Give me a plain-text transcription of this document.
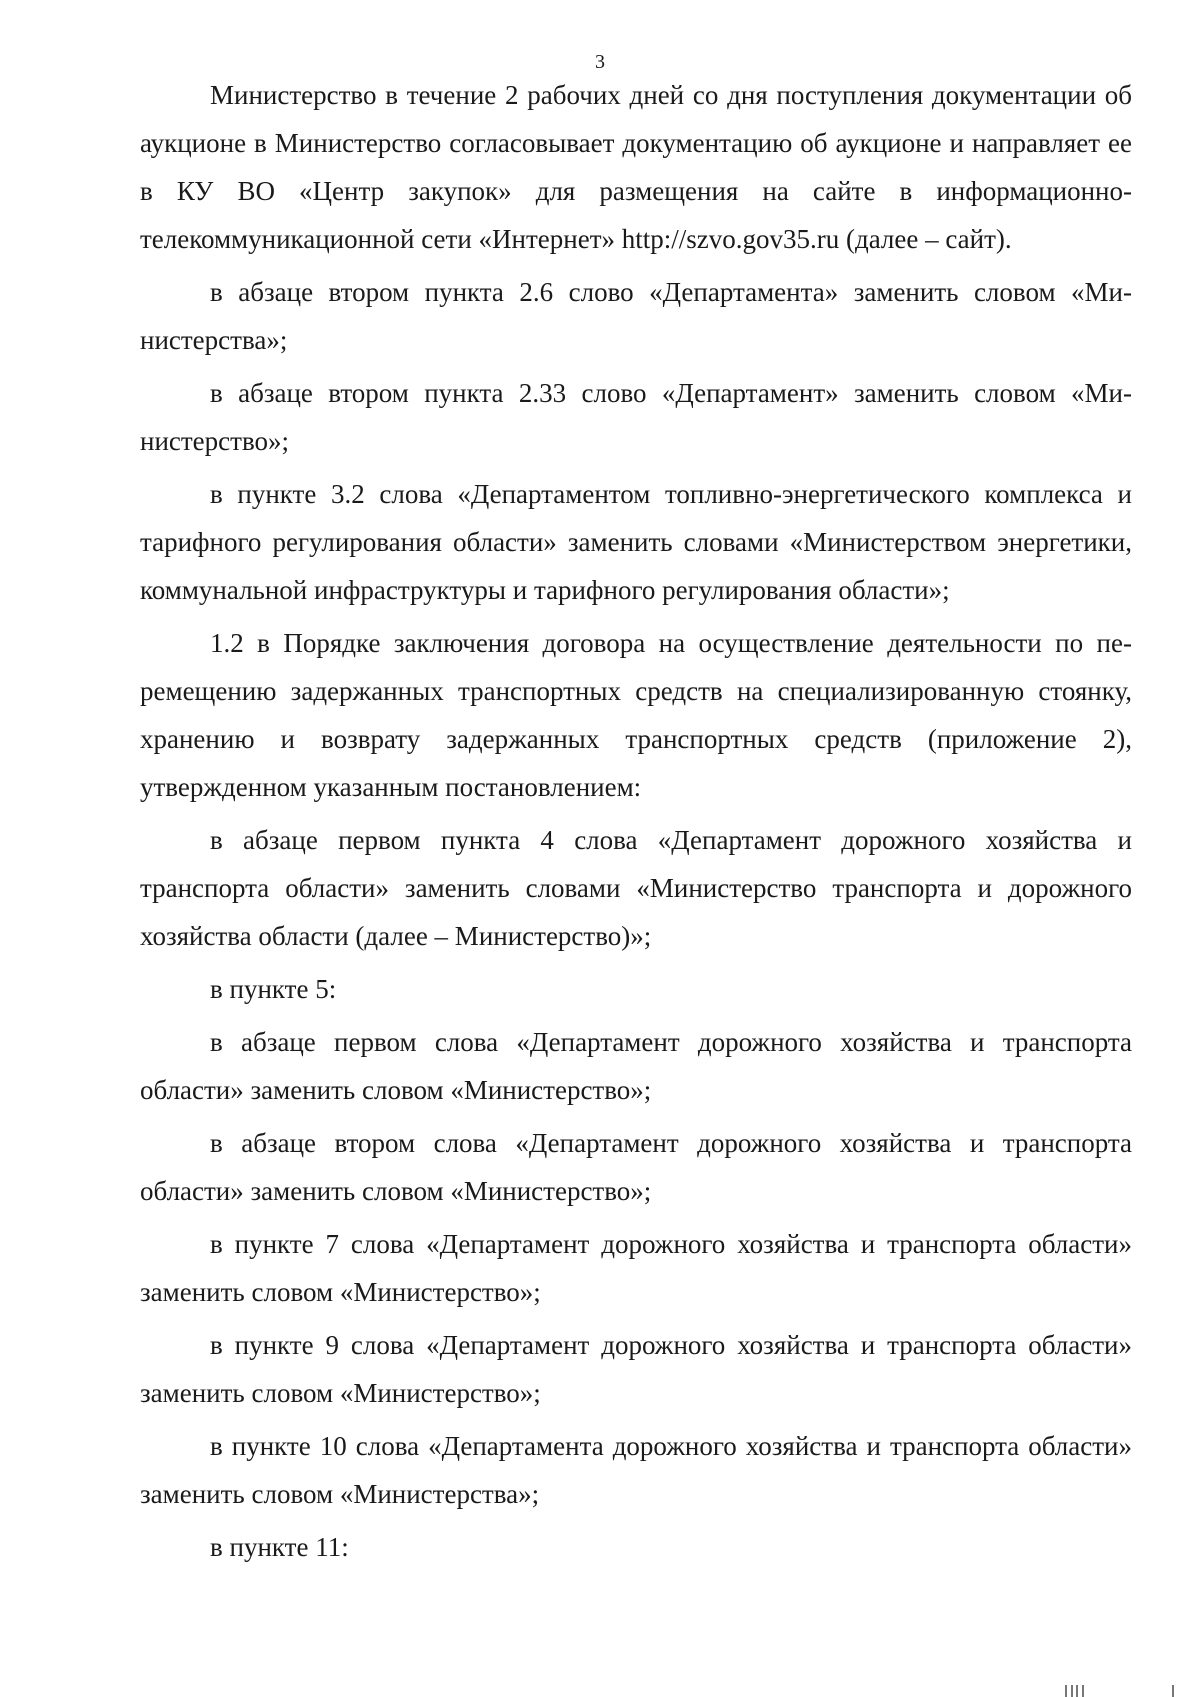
3

Министерство в течение 2 рабочих дней со дня поступления документации об аукционе в Министерство согласовывает документацию об аукционе и направляет ее в КУ ВО «Центр закупок» для размещения на сайте в информационно-телекоммуникационной сети «Интернет» http://szvo.gov35.ru (далее – сайт).

в абзаце втором пункта 2.6 слово «Департамента» заменить словом «Министерства»;

в абзаце втором пункта 2.33 слово «Департамент» заменить словом «Министерство»;

в пункте 3.2 слова «Департаментом топливно-энергетического комплекса и тарифного регулирования области» заменить словами «Министерством энергетики, коммунальной инфраструктуры и тарифного регулирования области»;

1.2 в Порядке заключения договора на осуществление деятельности по перемещению задержанных транспортных средств на специализированную стоянку, хранению и возврату задержанных транспортных средств (приложение 2), утвержденном указанным постановлением:

в абзаце первом пункта 4 слова «Департамент дорожного хозяйства и транспорта области» заменить словами «Министерство транспорта и дорожного хозяйства области (далее – Министерство)»;

в пункте 5:

в абзаце первом слова «Департамент дорожного хозяйства и транспорта области» заменить словом «Министерство»;

в абзаце втором слова «Департамент дорожного хозяйства и транспорта области» заменить словом «Министерство»;

в пункте 7 слова «Департамент дорожного хозяйства и транспорта области» заменить словом «Министерство»;

в пункте 9 слова «Департамент дорожного хозяйства и транспорта области» заменить словом «Министерство»;

в пункте 10 слова «Департамента дорожного хозяйства и транспорта области» заменить словом «Министерства»;

в пункте 11:
